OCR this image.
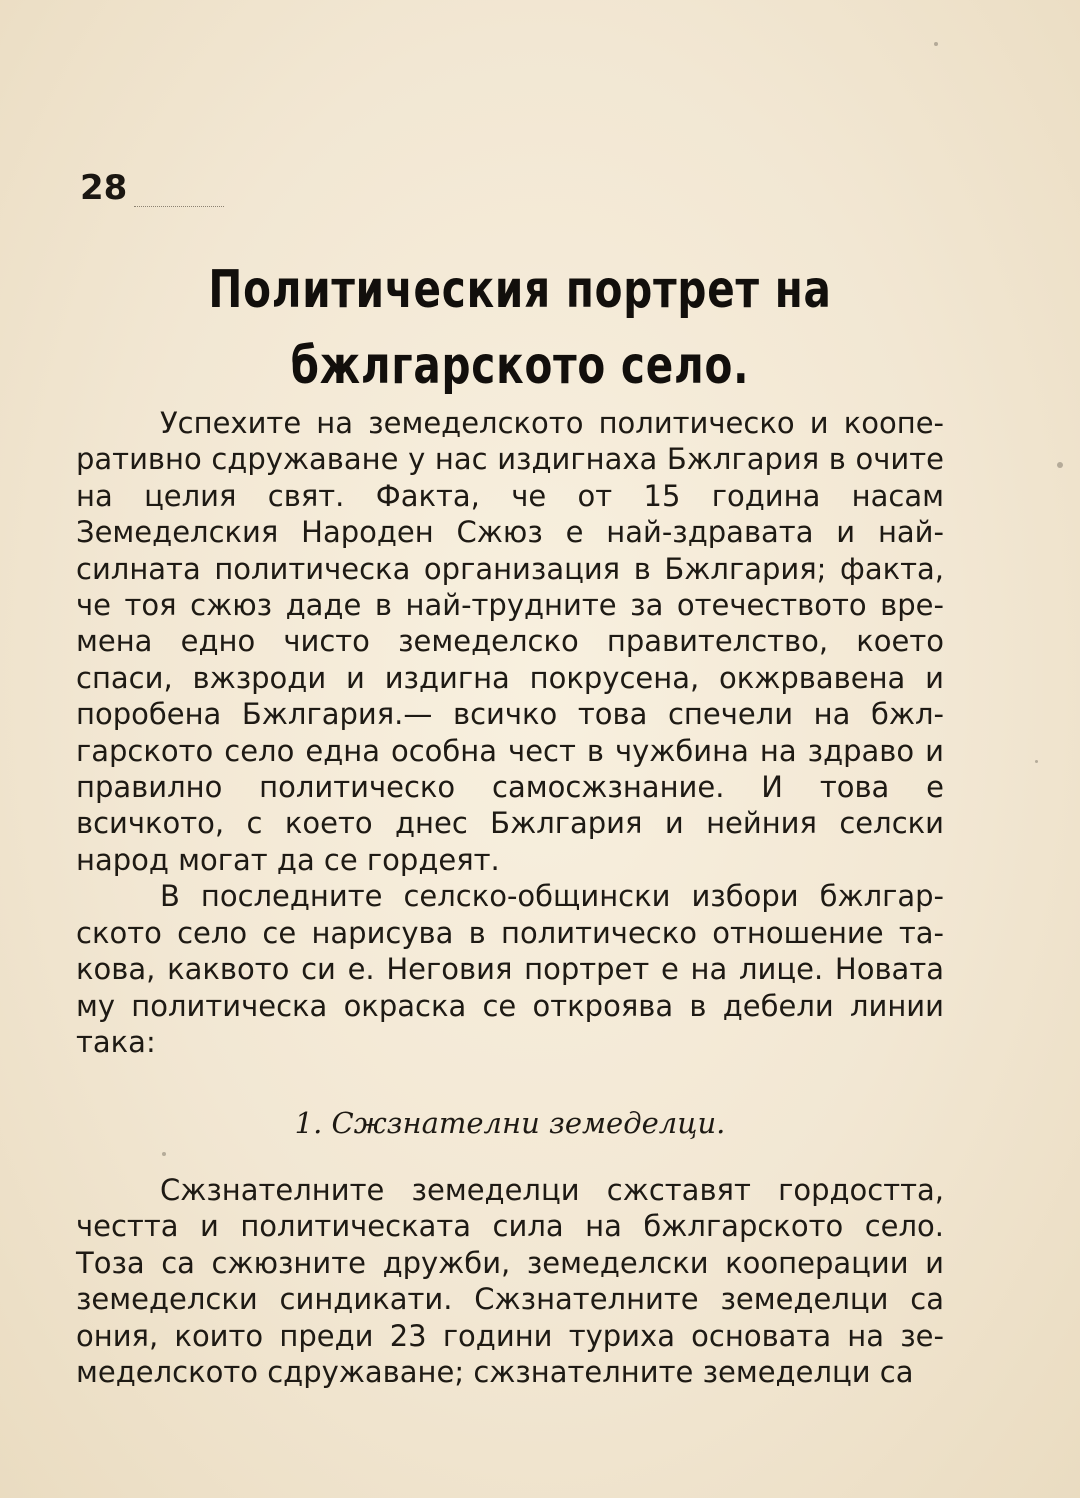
28
Политическия портрет на бжлгарското село.

Успехите на земеделското политическо и кооперативно сдружаване у нас издигнаха Бжлгария в очите на целия свят. Факта, че от 15 година насам Земеделския Народен Сжюз е най-здравата и най-силната политическа организация в Бжлгария; факта, че тоя сжюз даде в най-трудните за отечеството времена едно чисто земеделско правителство, което спаси, вжзроди и издигна покрусена, окжрвавена и поробена Бжлгария.— всичко това спечели на бжлгарското село една особна чест в чужбина на здраво и правилно политическо самосжзнание. И това е всичкото, с което днес Бжлгария и нейния селски народ могат да се гордеят.

В последните селско-общински избори бжлгарското село се нарисува в политическо отношение такова, каквото си е. Неговия портрет е на лице. Новата му политическа окраска се откроява в дебели линии така:

1. Сжзнателни земеделци.

Сжзнателните земеделци сжставят гордостта, честта и политическата сила на бжлгарското село. Тоза са сжюзните дружби, земеделски кооперации и земеделски синдикати. Сжзнателните земеделци са ония, които преди 23 години туриха основата на земеделското сдружаване; сжзнателните земеделци са
